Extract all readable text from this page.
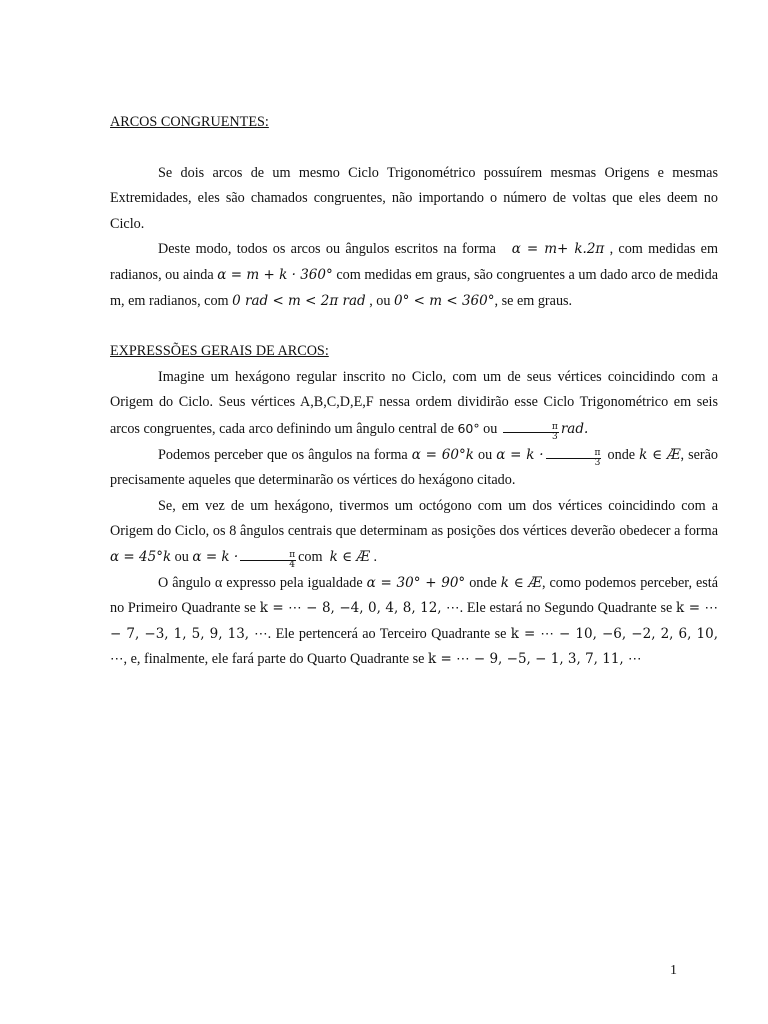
ARCOS CONGRUENTES:

Se dois arcos de um mesmo Ciclo Trigonométrico possuírem mesmas Origens e mesmas Extremidades, eles são chamados congruentes, não importando o número de voltas que eles deem no Ciclo.

Deste modo, todos os arcos ou ângulos escritos na forma α = m+ k.2π , com medidas em radianos, ou ainda α = m + k · 360° com medidas em graus, são congruentes a um dado arco de medida m, em radianos, com 0 rad < m < 2π rad , ou 0° < m < 360°, se em graus.

EXPRESSÕES GERAIS DE ARCOS:

Imagine um hexágono regular inscrito no Ciclo, com um de seus vértices coincidindo com a Origem do Ciclo. Seus vértices A,B,C,D,E,F nessa ordem dividirão esse Ciclo Trigonométrico em seis arcos congruentes, cada arco definindo um ângulo central de 60° ou $\frac{\pi}{3}$ rad.

Podemos perceber que os ângulos na forma α = 60°k ou $\alpha = k \cdot \frac{\pi}{3}$ onde k ∈ Æ, serão precisamente aqueles que determinarão os vértices do hexágono citado.

Se, em vez de um hexágono, tivermos um octógono com um dos vértices coincidindo com a Origem do Ciclo, os 8 ângulos centrais que determinam as posições dos vértices deverão obedecer a forma α = 45°k ou $\alpha = k \cdot \frac{\pi}{4}$ com k ∈ Æ .

O ângulo α expresso pela igualdade α = 30° + 90° onde k ∈ Æ, como podemos perceber, está no Primeiro Quadrante se k = ⋯ − 8, −4, 0, 4, 8, 12, ⋯. Ele estará no Segundo Quadrante se k = ⋯ − 7, −3, 1, 5, 9, 13, ⋯. Ele pertencerá ao Terceiro Quadrante se k = ⋯ − 10, −6, −2, 2, 6, 10, ⋯, e, finalmente, ele fará parte do Quarto Quadrante se k = ⋯ − 9, −5, − 1, 3, 7, 11, ⋯

1
